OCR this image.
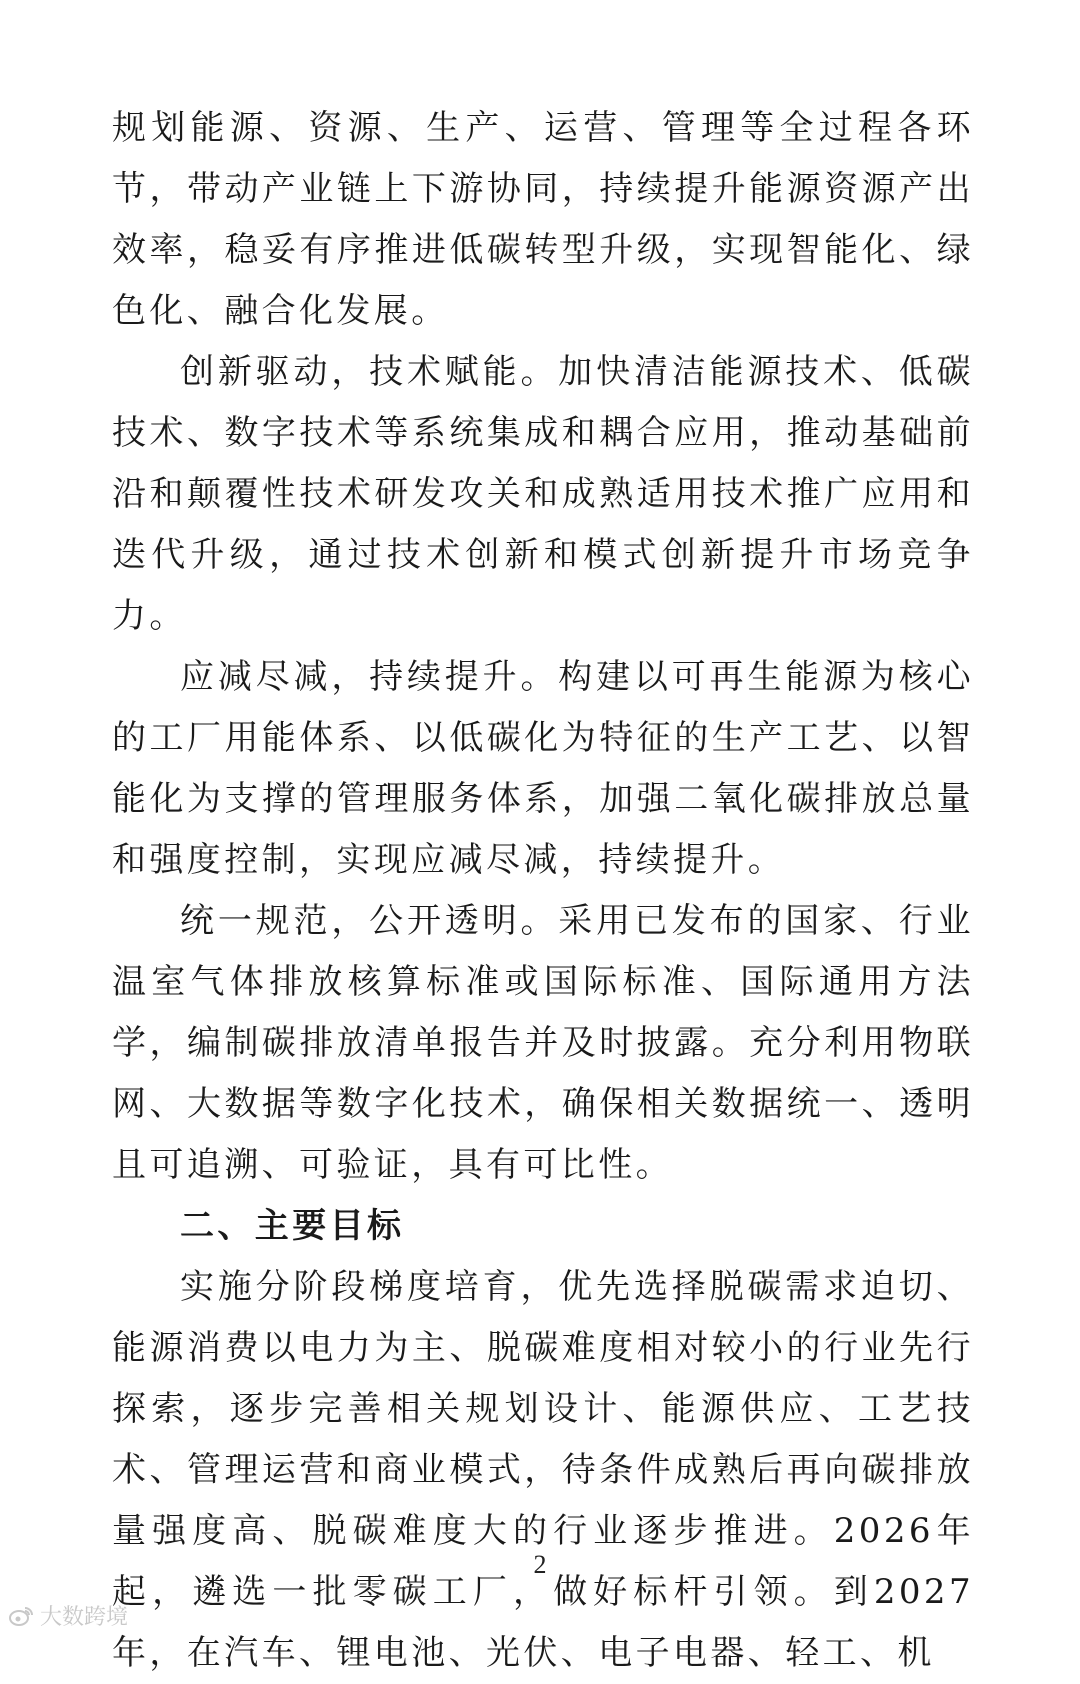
规划能源、资源、生产、运营、管理等全过程各环节，带动产业链上下游协同，持续提升能源资源产出效率，稳妥有序推进低碳转型升级，实现智能化、绿色化、融合化发展。

创新驱动，技术赋能。加快清洁能源技术、低碳技术、数字技术等系统集成和耦合应用，推动基础前沿和颠覆性技术研发攻关和成熟适用技术推广应用和迭代升级，通过技术创新和模式创新提升市场竞争力。

应减尽减，持续提升。构建以可再生能源为核心的工厂用能体系、以低碳化为特征的生产工艺、以智能化为支撑的管理服务体系，加强二氧化碳排放总量和强度控制，实现应减尽减，持续提升。

统一规范，公开透明。采用已发布的国家、行业温室气体排放核算标准或国际标准、国际通用方法学，编制碳排放清单报告并及时披露。充分利用物联网、大数据等数字化技术，确保相关数据统一、透明且可追溯、可验证，具有可比性。

二、主要目标

实施分阶段梯度培育，优先选择脱碳需求迫切、能源消费以电力为主、脱碳难度相对较小的行业先行探索，逐步完善相关规划设计、能源供应、工艺技术、管理运营和商业模式，待条件成熟后再向碳排放量强度高、脱碳难度大的行业逐步推进。2026年起，遴选一批零碳工厂，做好标杆引领。到2027年，在汽车、锂电池、光伏、电子电器、轻工、机

2
大数跨境
